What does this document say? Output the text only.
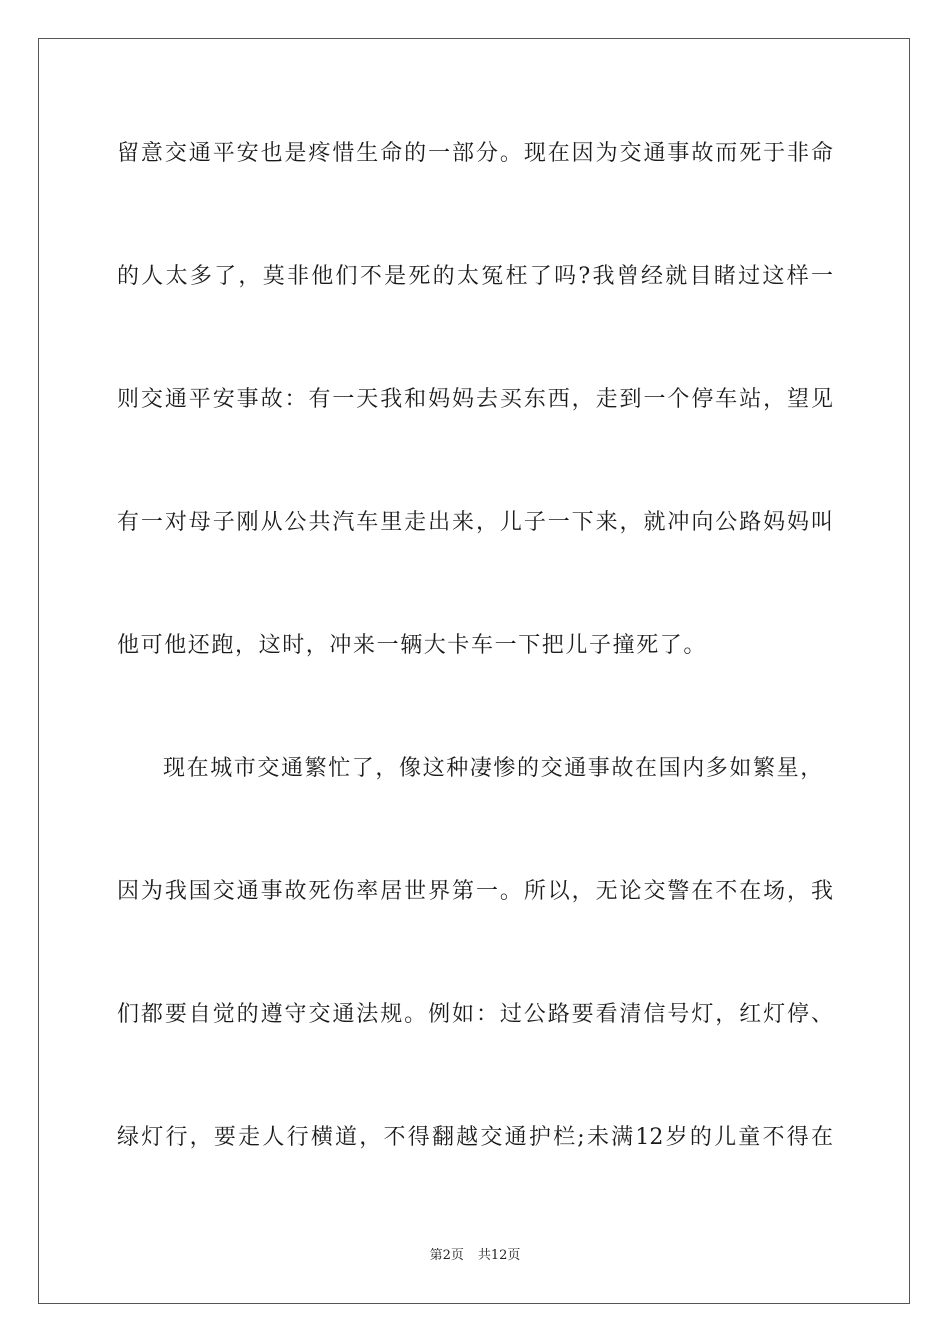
留意交通平安也是疼惜生命的一部分。现在因为交通事故而死于非命
的人太多了，莫非他们不是死的太冤枉了吗?我曾经就目睹过这样一
则交通平安事故：有一天我和妈妈去买东西，走到一个停车站，望见
有一对母子刚从公共汽车里走出来，儿子一下来，就冲向公路妈妈叫
他可他还跑，这时，冲来一辆大卡车一下把儿子撞死了。
现在城市交通繁忙了，像这种凄惨的交通事故在国内多如繁星，
因为我国交通事故死伤率居世界第一。所以，无论交警在不在场，我
们都要自觉的遵守交通法规。例如：过公路要看清信号灯，红灯停、
绿灯行，要走人行横道，不得翻越交通护栏;未满12岁的儿童不得在
第2页 共12页
